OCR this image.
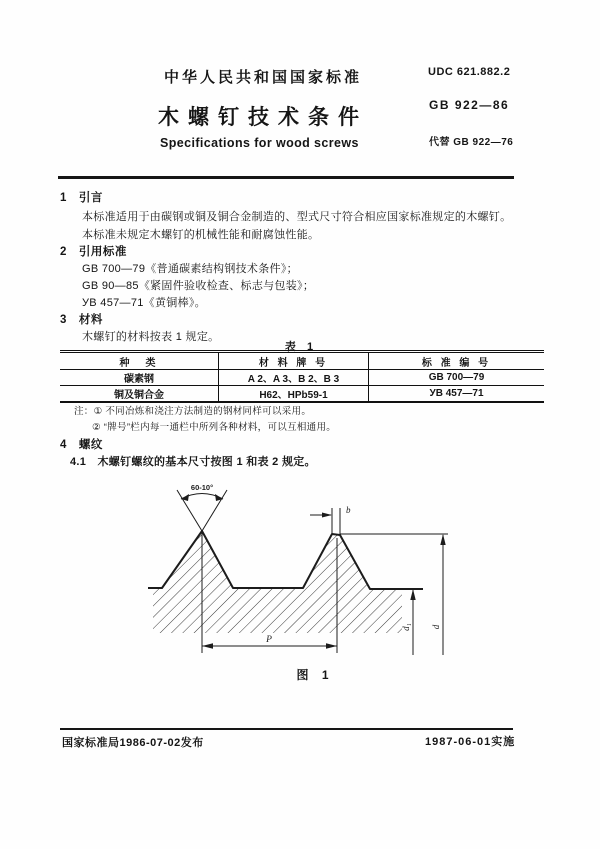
中华人民共和国国家标准
木螺钉技术条件
Specifications for wood screws
UDC 621.882.2
GB 922—86
代替 GB 922—76
1　引言
本标准适用于由碳钢或铜及铜合金制造的、型式尺寸符合相应国家标准规定的木螺钉。
本标准未规定木螺钉的机械性能和耐腐蚀性能。
2　引用标准
GB 700—79《普通碳素结构钢技术条件》；
GB 90—85《紧固件验收检查、标志与包装》；
УВ 457—71《黄铜棒》。
3　材料
木螺钉的材料按表 1 规定。
表 1
种　类	材 料 牌 号	标 准 编 号
碳素钢	A 2、A 3、B 2、B 3	GB 700—79
铜及铜合金	H62、HPb59-1	УВ 457—71
注：① 不同冶炼和浇注方法制造的钢材同样可以采用。
② “牌号”栏内每一通栏中所列各种材料，可以互相通用。
4　螺纹
4.1　木螺钉螺纹的基本尺寸按图 1 和表 2 规定。
60-10°
b
P
d
d₁
图 1
国家标准局1986-07-02发布	1987-06-01实施
